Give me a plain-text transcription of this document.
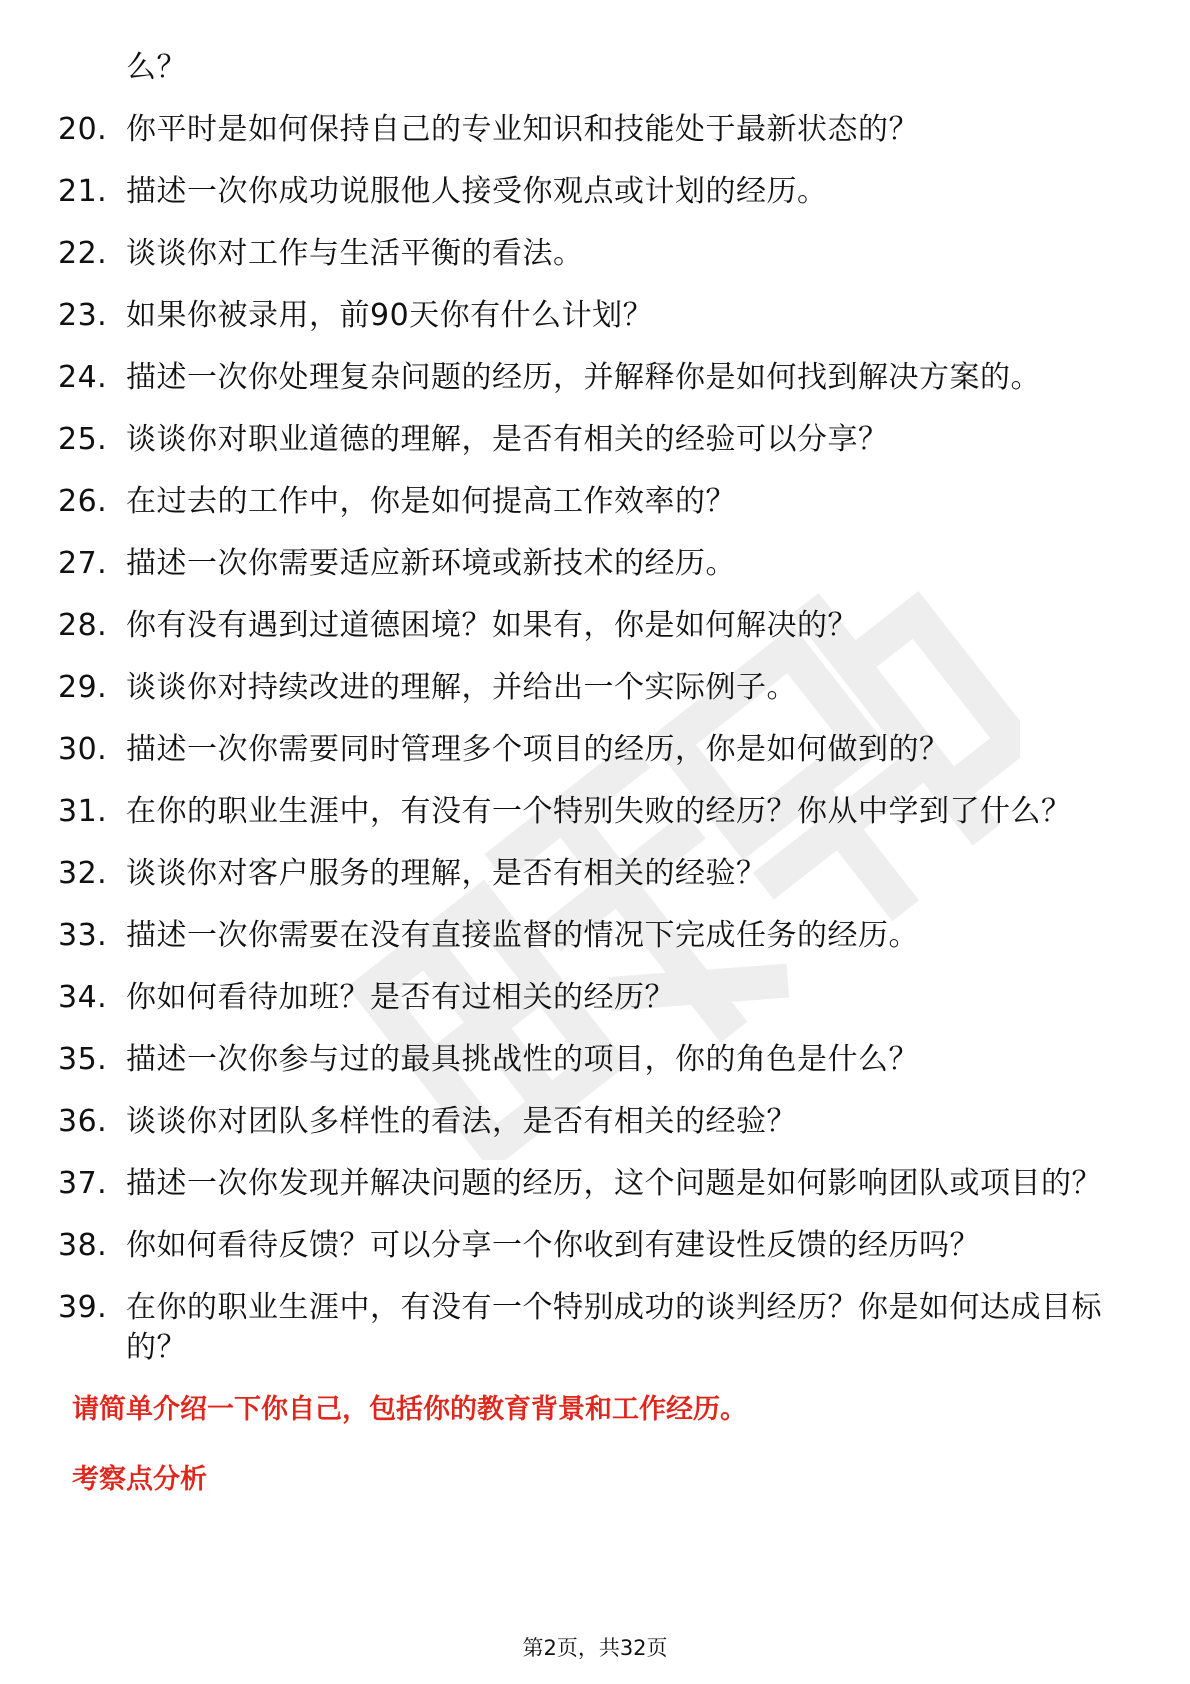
么？
20. 你平时是如何保持自己的专业知识和技能处于最新状态的？
21. 描述一次你成功说服他人接受你观点或计划的经历。
22. 谈谈你对工作与生活平衡的看法。
23. 如果你被录用，前90天你有什么计划？
24. 描述一次你处理复杂问题的经历，并解释你是如何找到解决方案的。
25. 谈谈你对职业道德的理解，是否有相关的经验可以分享？
26. 在过去的工作中，你是如何提高工作效率的？
27. 描述一次你需要适应新环境或新技术的经历。
28. 你有没有遇到过道德困境？如果有，你是如何解决的？
29. 谈谈你对持续改进的理解，并给出一个实际例子。
30. 描述一次你需要同时管理多个项目的经历，你是如何做到的？
31. 在你的职业生涯中，有没有一个特别失败的经历？你从中学到了什么？
32. 谈谈你对客户服务的理解，是否有相关的经验？
33. 描述一次你需要在没有直接监督的情况下完成任务的经历。
34. 你如何看待加班？是否有过相关的经历？
35. 描述一次你参与过的最具挑战性的项目，你的角色是什么？
36. 谈谈你对团队多样性的看法，是否有相关的经验？
37. 描述一次你发现并解决问题的经历，这个问题是如何影响团队或项目的？
38. 你如何看待反馈？可以分享一个你收到有建设性反馈的经历吗？
39. 在你的职业生涯中，有没有一个特别成功的谈判经历？你是如何达成目标的？
请简单介绍一下你自己，包括你的教育背景和工作经历。
考察点分析
第2页，共32页
